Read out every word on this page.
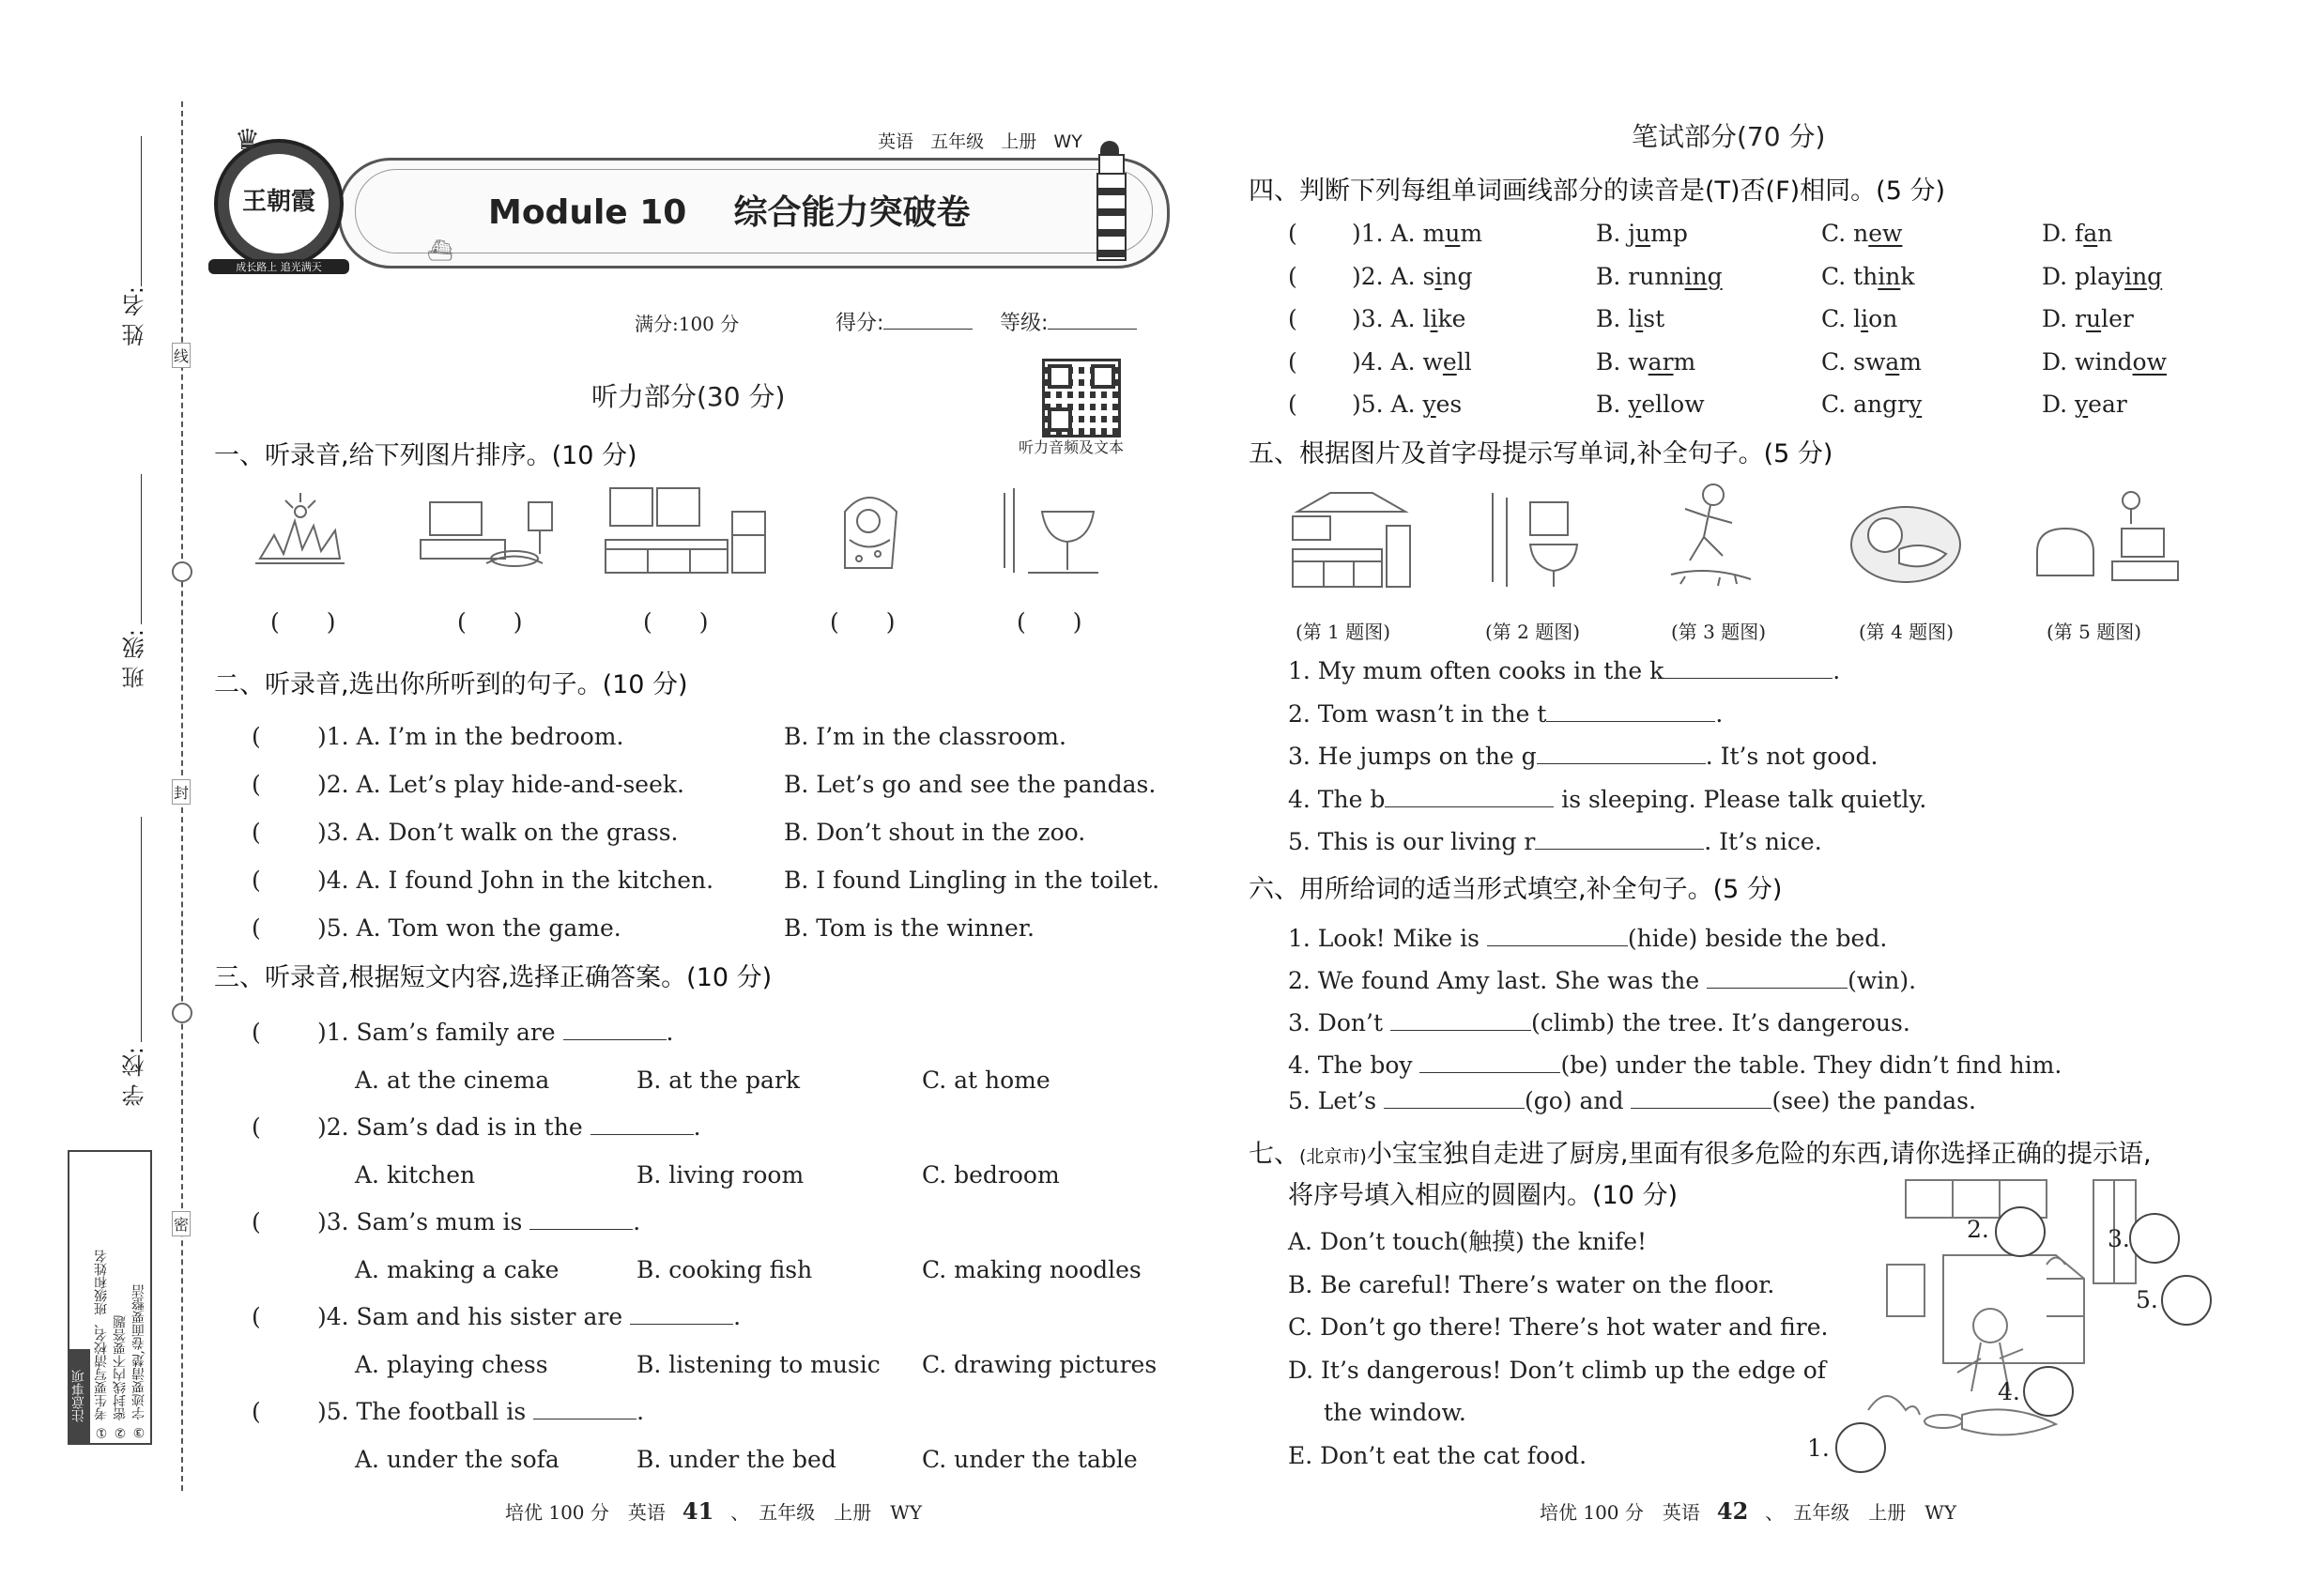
姓 名:
班 级:
学 校:
线
封
密
注意事项 ① 考生要写清校名、班级和姓名 ② 密封线内不要答题 ③ 字迹要清楚,卷面要整洁
王朝霞
成长路上 追光满天
♛
⛴
英语 五年级 上册 WY
Module 10 综合能力突破卷
满分:100 分	得分:	等级:
听力音频及文本
听力部分(30 分)
一、听录音,给下列图片排序。(10 分)
(　　)	(　　)	(　　)	(　　)	(　　)
二、听录音,选出你所听到的句子。(10 分)
( )1. A. I’m in the bedroom.	B. I’m in the classroom.
( )2. A. Let’s play hide-and-seek.	B. Let’s go and see the pandas.
( )3. A. Don’t walk on the grass.	B. Don’t shout in the zoo.
( )4. A. I found John in the kitchen.	B. I found Lingling in the toilet.
( )5. A. Tom won the game.	B. Tom is the winner.
三、听录音,根据短文内容,选择正确答案。(10 分)
( )1. Sam’s family are	.
A. at the cinema	B. at the park	C. at home
( )2. Sam’s dad is in the	.
A. kitchen	B. living room	C. bedroom
( )3. Sam’s mum is	.
A. making a cake	B. cooking fish	C. making noodles
( )4. Sam and his sister are	.
A. playing chess	B. listening to music C. drawing pictures
( )5. The football is	.
A. under the sofa	B. under the bed	C. under the table
笔试部分(70 分)
四、判断下列每组单词画线部分的读音是(T)否(F)相同。(5 分)
( )1. A. mum	B. jump	C. new	D. fan
( )2. A. sing	B. running	C. think	D. playing
( )3. A. like	B. list	C. lion	D. ruler
( )4. A. well	B. warm	C. swam	D. window
( )5. A. yes	B. yellow	C. angry	D. year
五、根据图片及首字母提示写单词,补全句子。(5 分)
(第 1 题图)	(第 2 题图)	(第 3 题图)	(第 4 题图)	(第 5 题图)
1. My mum often cooks in the k	.
2. Tom wasn’t in the t	.
3. He jumps on the g	. It’s not good.
4. The b	is sleeping. Please talk quietly.
5. This is our living r	. It’s nice.
六、用所给词的适当形式填空,补全句子。(5 分)
1. Look! Mike is	(hide) beside the bed.
2. We found Amy last. She was the	(win).
3. Don’t	(climb) the tree. It’s dangerous.
4. The boy	(be) under the table. They didn’t find him.
5. Let’s	(go) and	(see) the pandas.
七、(北京市)小宝宝独自走进了厨房,里面有很多危险的东西,请你选择正确的提示语,
将序号填入相应的圆圈内。(10 分)
A. Don’t touch(触摸) the knife!
B. Be careful! There’s water on the floor.
C. Don’t go there! There’s hot water and fire.
D. It’s dangerous! Don’t climb up the edge of
the window.
E. Don’t eat the cat food.
2.	3.
5.
4.
1.
培优 100 分　英语 41 、　五年级　上册　WY	培优 100 分　英语 42 、　五年级　上册　WY
